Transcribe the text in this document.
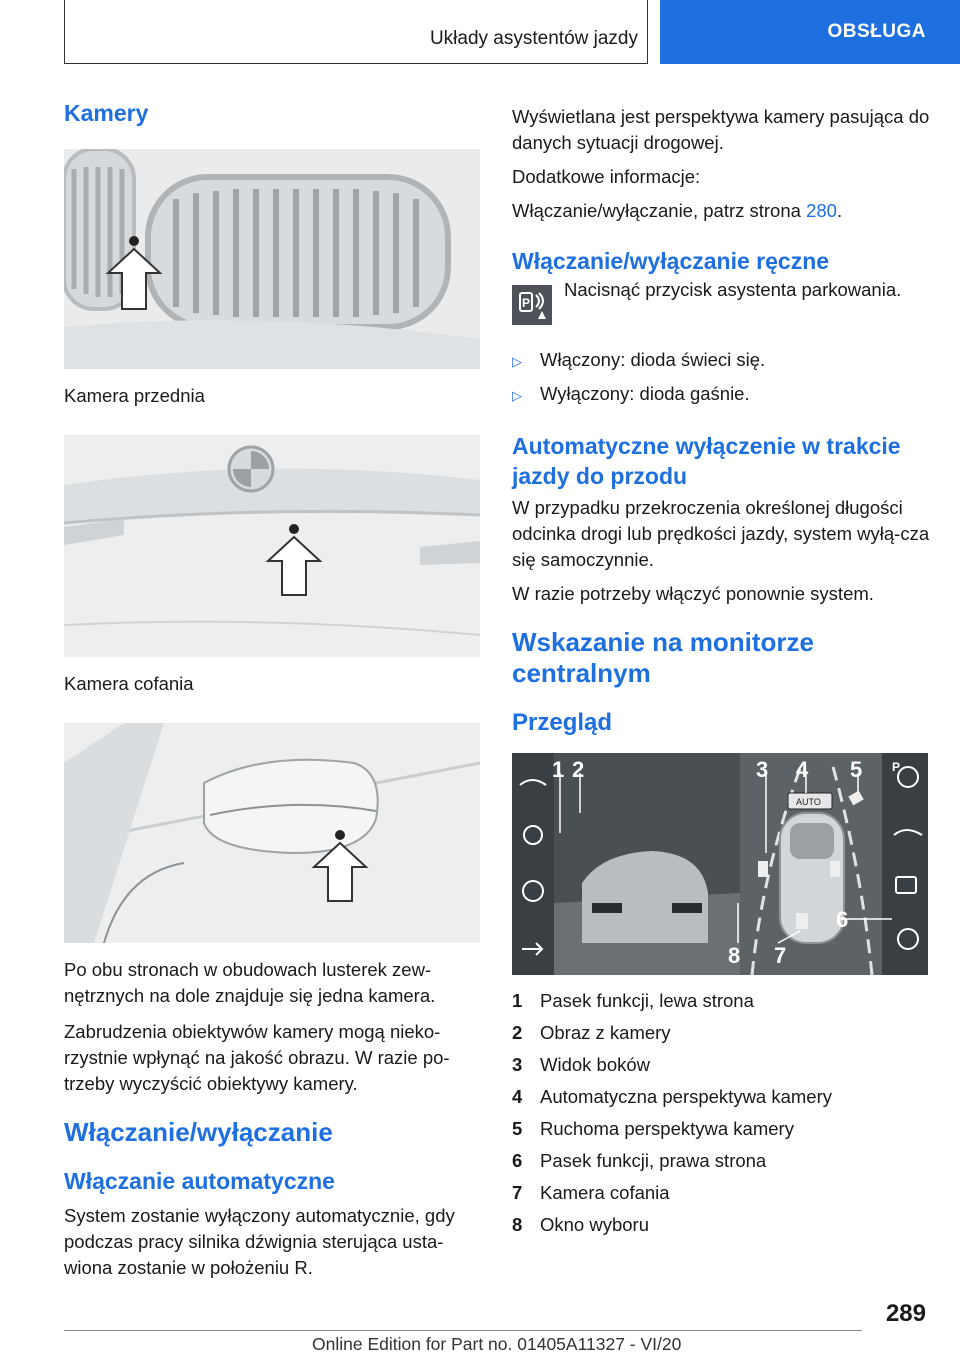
Układy asystentów jazdy	OBSŁUGA
Kamery

Kamera przednia

Kamera cofania

Po obu stronach w obudowach lusterek zew-nętrznych na dole znajduje się jedna kamera.

Zabrudzenia obiektywów kamery mogą nieko-rzystnie wpłynąć na jakość obrazu. W razie po-trzeby wyczyścić obiektywy kamery.

Włączanie/wyłączanie
Włączanie automatyczne

System zostanie wyłączony automatycznie, gdy podczas pracy silnika dźwignia sterująca usta-wiona zostanie w położeniu R.

Wyświetlana jest perspektywa kamery pasująca do danych sytuacji drogowej.

Dodatkowe informacje:

Włączanie/wyłączanie, patrz strona 280.

Włączanie/wyłączanie ręczne
P

Nacisnąć przycisk asystenta parkowania.

▷ Włączony: dioda świeci się.
▷ Wyłączony: dioda gaśnie.
Automatyczne wyłączenie w trakcie jazdy do przodu

W przypadku przekroczenia określonej długości odcinka drogi lub prędkości jazdy, system wyłą-cza się samoczynnie.

W razie potrzeby włączyć ponownie system.

Wskazanie na monitorze centralnym
Przegląd
AUTO
P
1 2	3 4 5
6
7
8
1 Pasek funkcji, lewa strona
2 Obraz z kamery
3 Widok boków
4 Automatyczna perspektywa kamery
5 Ruchoma perspektywa kamery
6 Pasek funkcji, prawa strona
7 Kamera cofania
8 Okno wyboru
289
Online Edition for Part no. 01405A11327 - VI/20
